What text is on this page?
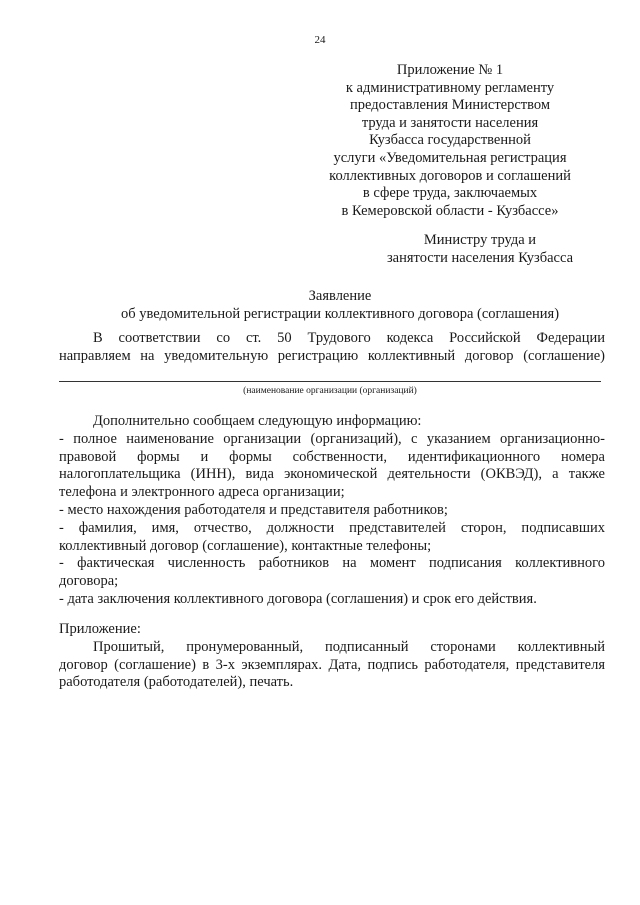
24
Приложение № 1
к административному регламенту
предоставления Министерством
труда и занятости населения
Кузбасса государственной
услуги «Уведомительная регистрация
коллективных договоров и соглашений
в сфере труда, заключаемых
в Кемеровской области - Кузбассе»
Министру труда и
занятости населения Кузбасса
Заявление
об уведомительной регистрации коллективного договора (соглашения)

В соответствии со ст. 50 Трудового кодекса Российской Федерации

направляем на уведомительную регистрацию коллективный договор (соглашение)

(наименование организации (организаций)

Дополнительно сообщаем следующую информацию:

- полное наименование организации (организаций), с указанием организационно-

правовой формы и формы собственности, идентификационного номера

налогоплательщика (ИНН), вида экономической деятельности (ОКВЭД), а также

телефона и электронного адреса организации;

- место нахождения работодателя и представителя работников;

- фамилия, имя, отчество, должности представителей сторон, подписавших

коллективный договор (соглашение), контактные телефоны;

- фактическая численность работников на момент подписания коллективного

договора;

- дата заключения коллективного договора (соглашения) и срок его действия.

Приложение:

Прошитый, пронумерованный, подписанный сторонами коллективный

договор (соглашение) в 3-х экземплярах. Дата, подпись работодателя, представителя

работодателя (работодателей), печать.
